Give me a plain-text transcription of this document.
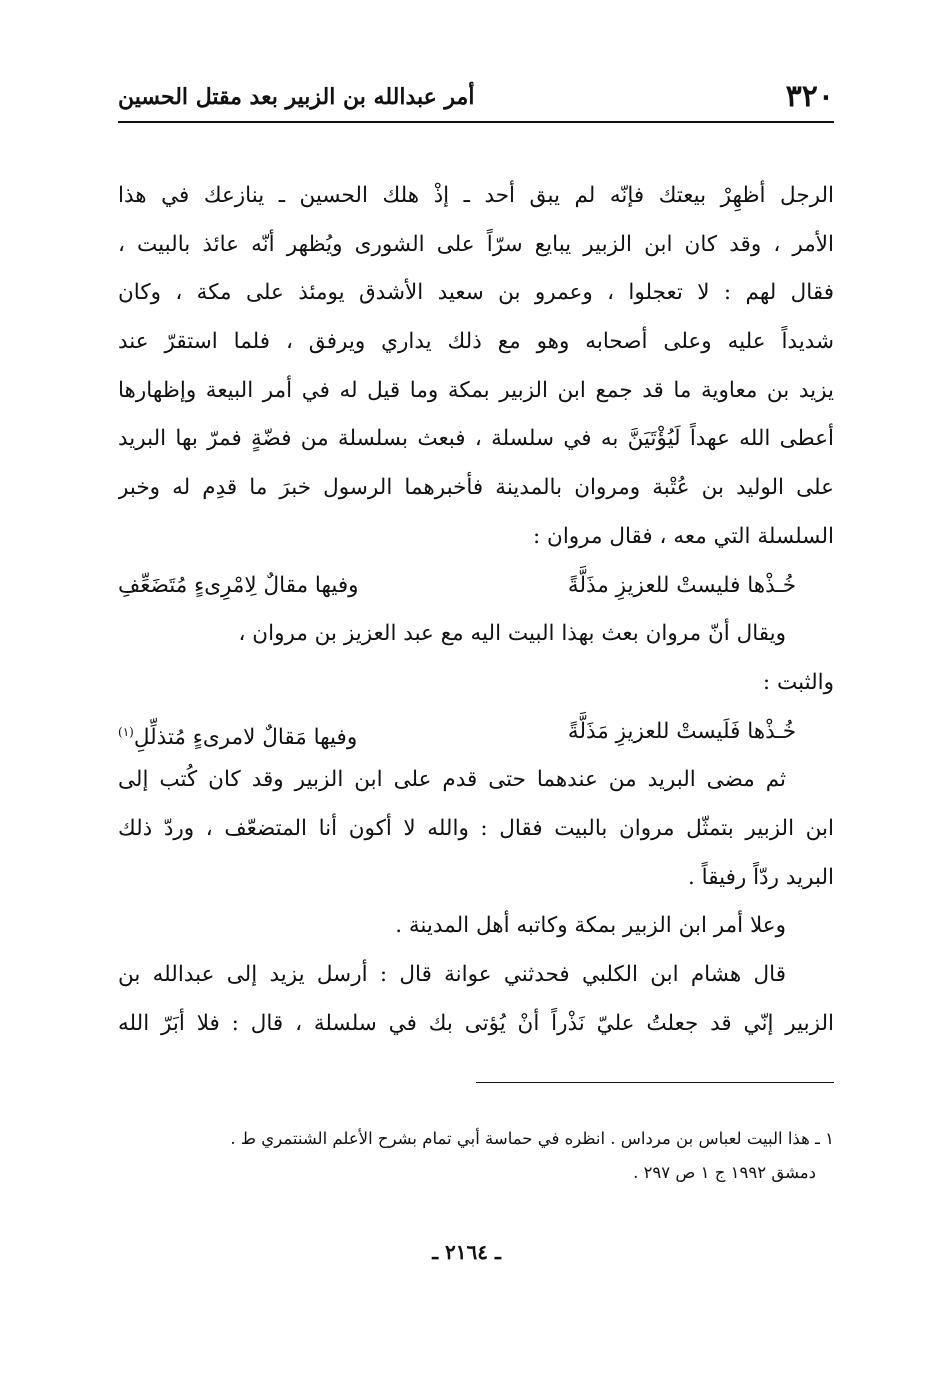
٣٢٠
أمر عبدالله بن الزبير بعد مقتل الحسين
الرجل أظهِرْ بيعتك فإنّه لم يبق أحد ـ إذْ هلك الحسين ـ ينازعك في هذا
الأمر ، وقد كان ابن الزبير يبايع سرّاً على الشورى ويُظهر أنّه عائذ بالبيت ،
فقال لهم : لا تعجلوا ، وعمرو بن سعيد الأشدق يومئذ على مكة ، وكان
شديداً عليه وعلى أصحابه وهو مع ذلك يداري ويرفق ، فلما استقرّ عند
يزيد بن معاوية ما قد جمع ابن الزبير بمكة وما قيل له في أمر البيعة وإظهارها
أعطى الله عهداً لَيُؤْتَيَنَّ به في سلسلة ، فبعث بسلسلة من فضّةٍ فمرّ بها البريد
على الوليد بن عُتْبة ومروان بالمدينة فأخبرهما الرسول خبرَ ما قدِم له وخبر
السلسلة التي معه ، فقال مروان :
خُـذْها فليستْ للعزيزِ مذَلَّةً
وفيها مقالٌ لِامْرِىءٍ مُتَضَعِّفِ
ويقال أنّ مروان بعث بهذا البيت اليه مع عبد العزيز بن مروان ،
والثبت :
خُـذْها فَلَيستْ للعزيزِ مَذَلَّةً
وفيها مَقالٌ لامرىءٍ مُتذلِّلِ$^{(١)}$
ثم مضى البريد من عندهما حتى قدم على ابن الزبير وقد كان كُتب إلى
ابن الزبير بتمثّل مروان بالبيت فقال : والله لا أكون أنا المتضعّف ، وردّ ذلك
البريد ردّاً رفيقاً .
وعلا أمر ابن الزبير بمكة وكاتبه أهل المدينة .
قال هشام ابن الكلبي فحدثني عوانة قال : أرسل يزيد إلى عبدالله بن
الزبير إنّي قد جعلتُ عليّ نَذْراً أنْ يُؤتى بك في سلسلة ، قال : فلا أبَرّ الله
١ ـ هذا البيت لعباس بن مرداس . انظره في حماسة أبي تمام بشرح الأعلم الشنتمري ط .
دمشق ١٩٩٢ ج ١ ص ٢٩٧ .
ـ ٢١٦٤ ـ
